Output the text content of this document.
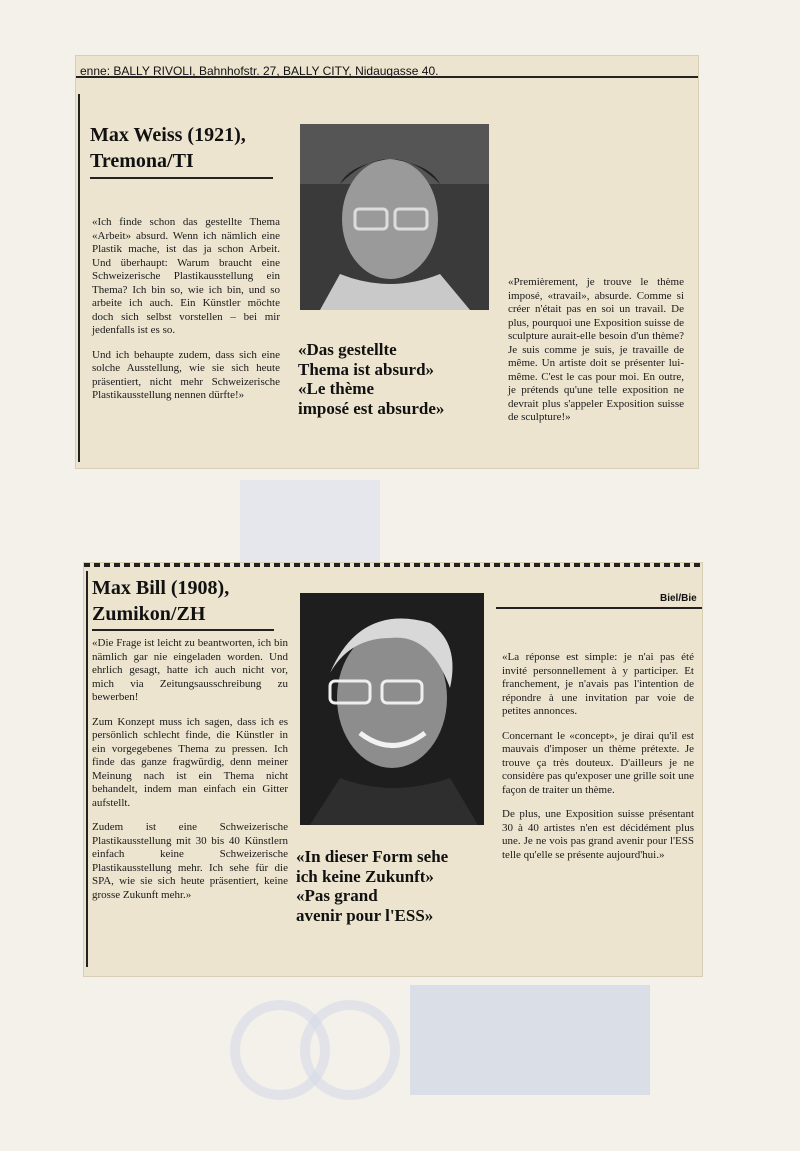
enne: BALLY RIVOLI, Bahnhofstr. 27, BALLY CITY, Nidaugasse 40.
Max Weiss (1921),
Tremona/TI

«Ich finde schon das gestellte Thema «Arbeit» absurd. Wenn ich nämlich eine Plastik mache, ist das ja schon Arbeit. Und überhaupt: Warum braucht eine Schweizerische Plastikausstellung ein Thema? Ich bin so, wie ich bin, und so arbeite ich auch. Ein Künstler möchte doch sich selbst vorstellen – bei mir jedenfalls ist es so.

Und ich behaupte zudem, dass sich eine solche Ausstellung, wie sie sich heute präsentiert, nicht mehr Schweizerische Plastikausstellung nennen dürfte!»

«Das gestellte
Thema ist absurd»
«Le thème
imposé est absurde»

«Premièrement, je trouve le thème imposé, «travail», absurde. Comme si créer n'était pas en soi un travail. De plus, pourquoi une Exposition suisse de sculpture aurait-elle besoin d'un thème? Je suis comme je suis, je travaille de même. Un artiste doit se présenter lui-même. C'est le cas pour moi. En outre, je prétends qu'une telle exposition ne devrait plus s'appeler Exposition suisse de sculpture!»

Max Bill (1908),
Zumikon/ZH
Biel/Bie

«Die Frage ist leicht zu beantworten, ich bin nämlich gar nie eingeladen worden. Und ehrlich gesagt, hatte ich auch nicht vor, mich via Zeitungsausschreibung zu bewerben!

Zum Konzept muss ich sagen, dass ich es persönlich schlecht finde, die Künstler in ein vorgegebenes Thema zu pressen. Ich finde das ganze fragwürdig, denn meiner Meinung nach ist ein Thema nicht behandelt, indem man einfach ein Gitter aufstellt.

Zudem ist eine Schweizerische Plastikausstellung mit 30 bis 40 Künstlern einfach keine Schweizerische Plastikausstellung mehr. Ich sehe für die SPA, wie sie sich heute präsentiert, keine grosse Zukunft mehr.»

«In dieser Form sehe
ich keine Zukunft»
«Pas grand
avenir pour l'ESS»

«La réponse est simple: je n'ai pas été invité personnellement à y participer. Et franchement, je n'avais pas l'intention de répondre à une invitation par voie de petites annonces.

Concernant le «concept», je dirai qu'il est mauvais d'imposer un thème prétexte. Je trouve ça très douteux. D'ailleurs je ne considère pas qu'exposer une grille soit une façon de traiter un thème.

De plus, une Exposition suisse présentant 30 à 40 artistes n'en est décidément plus une. Je ne vois pas grand avenir pour l'ESS telle qu'elle se présente aujourd'hui.»
